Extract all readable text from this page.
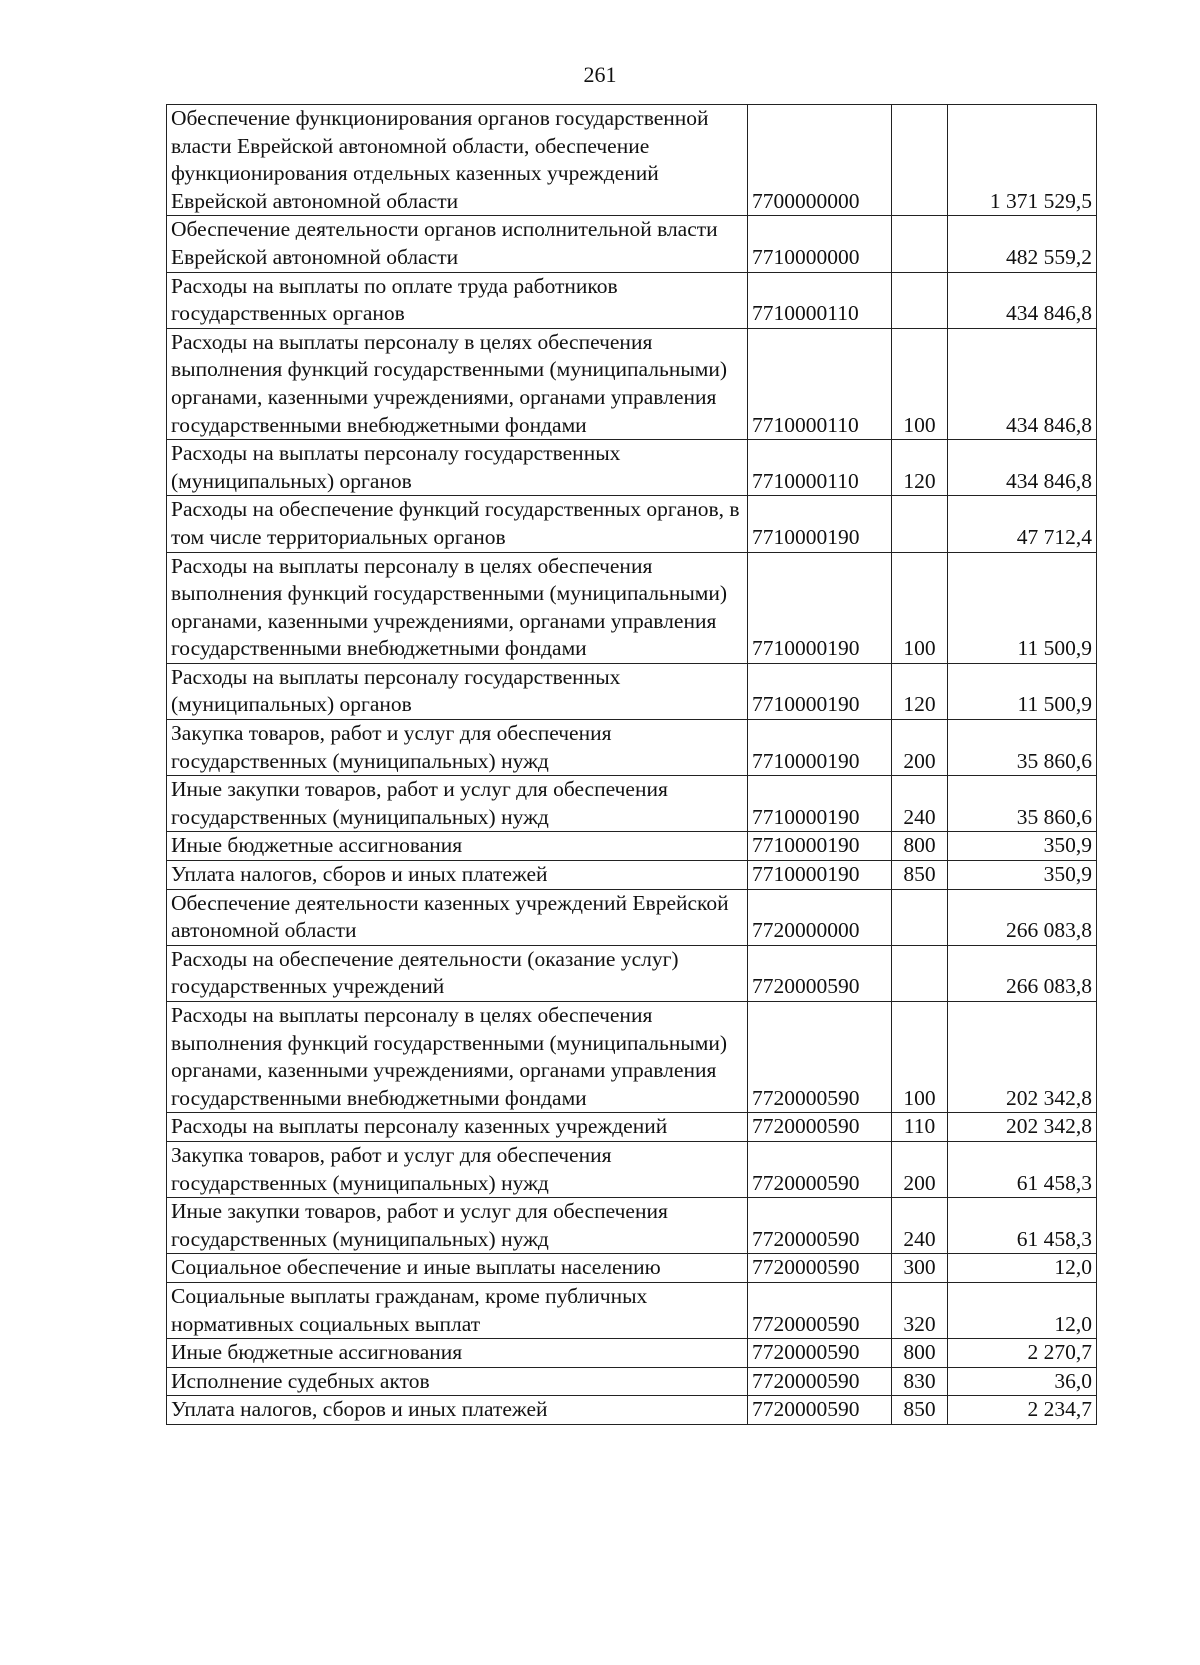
261
Обеспечение функционирования органов государственной власти Еврейской автономной области, обеспечение функционирования отдельных казенных учреждений Еврейской автономной области	7700000000		1 371 529,5
Обеспечение деятельности органов исполнительной власти Еврейской автономной области	7710000000		482 559,2
Расходы на выплаты по оплате труда работников государственных органов	7710000110		434 846,8
Расходы на выплаты персоналу в целях обеспечения выполнения функций государственными (муниципальными) органами, казенными учреждениями, органами управления государственными внебюджетными фондами	7710000110	100	434 846,8
Расходы на выплаты персоналу государственных (муниципальных) органов	7710000110	120	434 846,8
Расходы на обеспечение функций государственных органов, в том числе территориальных органов	7710000190		47 712,4
Расходы на выплаты персоналу в целях обеспечения выполнения функций государственными (муниципальными) органами, казенными учреждениями, органами управления государственными внебюджетными фондами	7710000190	100	11 500,9
Расходы на выплаты персоналу государственных (муниципальных) органов	7710000190	120	11 500,9
Закупка товаров, работ и услуг для обеспечения государственных (муниципальных) нужд	7710000190	200	35 860,6
Иные закупки товаров, работ и услуг для обеспечения государственных (муниципальных) нужд	7710000190	240	35 860,6
Иные бюджетные ассигнования	7710000190	800	350,9
Уплата налогов, сборов и иных платежей	7710000190	850	350,9
Обеспечение деятельности казенных учреждений Еврейской автономной области	7720000000		266 083,8
Расходы на обеспечение деятельности (оказание услуг) государственных учреждений	7720000590		266 083,8
Расходы на выплаты персоналу в целях обеспечения выполнения функций государственными (муниципальными) органами, казенными учреждениями, органами управления государственными внебюджетными фондами	7720000590	100	202 342,8
Расходы на выплаты персоналу казенных учреждений	7720000590	110	202 342,8
Закупка товаров, работ и услуг для обеспечения государственных (муниципальных) нужд	7720000590	200	61 458,3
Иные закупки товаров, работ и услуг для обеспечения государственных (муниципальных) нужд	7720000590	240	61 458,3
Социальное обеспечение и иные выплаты населению	7720000590	300	12,0
Социальные выплаты гражданам, кроме публичных нормативных социальных выплат	7720000590	320	12,0
Иные бюджетные ассигнования	7720000590	800	2 270,7
Исполнение судебных актов	7720000590	830	36,0
Уплата налогов, сборов и иных платежей	7720000590	850	2 234,7
